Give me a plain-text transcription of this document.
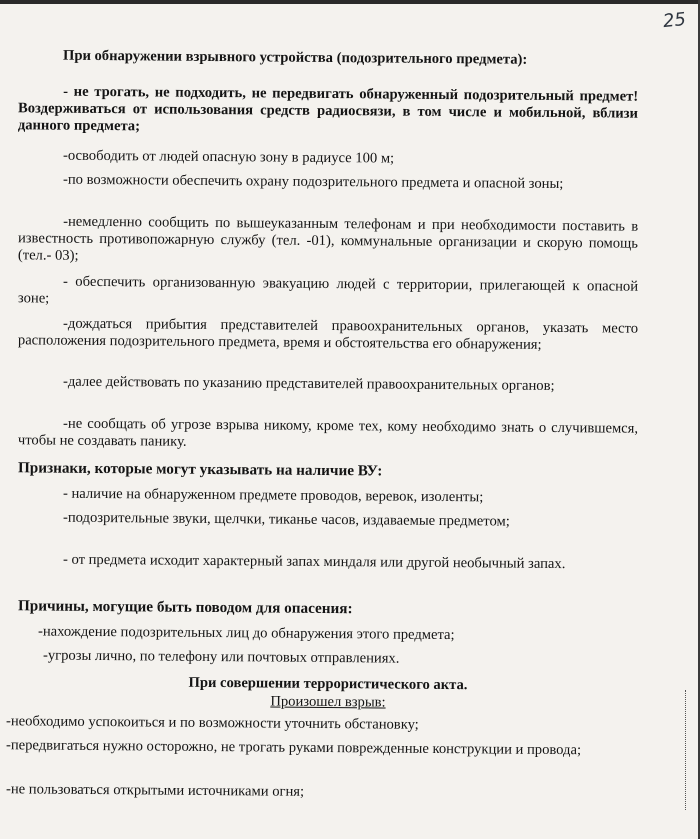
25
При обнаружении взрывного устройства (подозрительного предмета):
- не трогать, не подходить, не передвигать обнаруженный подозрительный предмет! Воздерживаться от использования средств радиосвязи, в том числе и мобильной, вблизи данного предмета;
-освободить от людей опасную зону в радиусе 100 м;
-по возможности обеспечить охрану подозрительного предмета и опасной зоны;
-немедленно сообщить по вышеуказанным телефонам и при необходимости поставить в известность противопожарную службу (тел. -01), коммунальные организации и скорую помощь (тел.- 03);
- обеспечить организованную эвакуацию людей с территории, прилегающей к опасной зоне;
-дождаться прибытия представителей правоохранительных органов, указать место расположения подозрительного предмета, время и обстоятельства его обнаружения;
-далее действовать по указанию представителей правоохранительных органов;
-не сообщать об угрозе взрыва никому, кроме тех, кому необходимо знать о случившемся, чтобы не создавать панику.
Признаки, которые могут указывать на наличие ВУ:
- наличие на обнаруженном предмете проводов, веревок, изоленты;
-подозрительные звуки, щелчки, тиканье часов, издаваемые предметом;
- от предмета исходит характерный запах миндаля или другой необычный запах.
Причины, могущие быть поводом для опасения:
-нахождение подозрительных лиц до обнаружения этого предмета;
-угрозы лично, по телефону или почтовых отправлениях.
При совершении террористического акта.
Произошел взрыв:
-необходимо успокоиться и по возможности уточнить обстановку;
-передвигаться нужно осторожно, не трогать руками поврежденные конструкции и провода;
-не пользоваться открытыми источниками огня;
